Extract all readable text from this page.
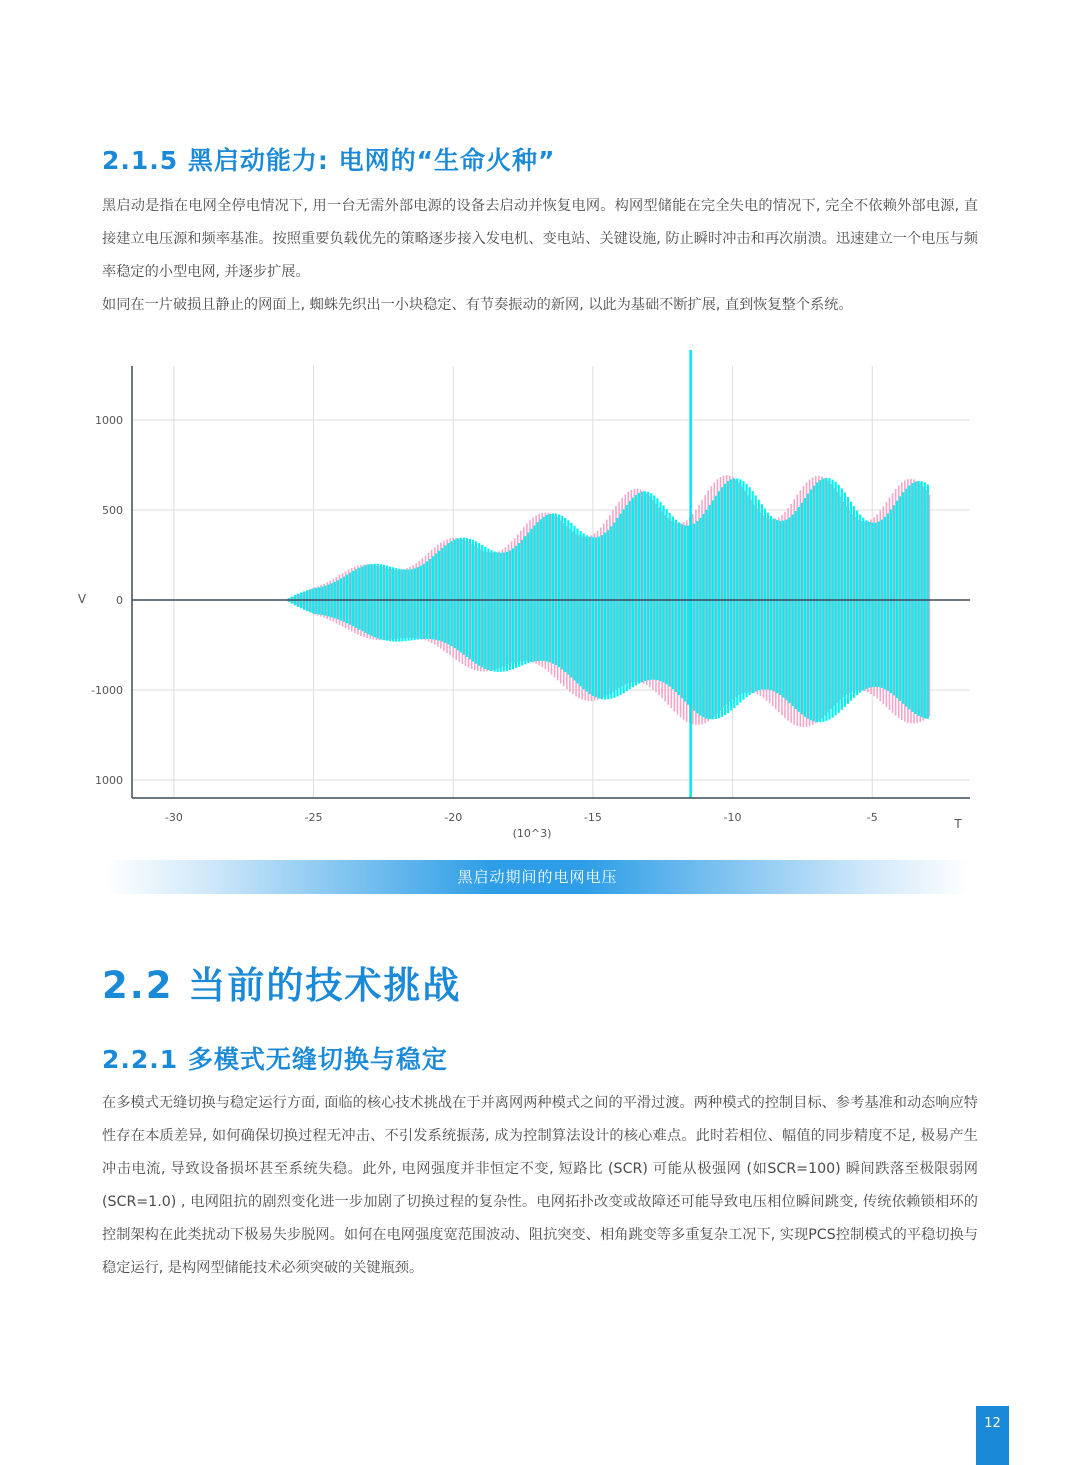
2.1.5 黑启动能力: 电网的“生命火种”

黑启动是指在电网全停电情况下, 用一台无需外部电源的设备去启动并恢复电网。构网型储能在完全失电的情况下, 完全不依赖外部电源, 直接建立电压源和频率基准。按照重要负载优先的策略逐步接入发电机、变电站、关键设施, 防止瞬时冲击和再次崩溃。迅速建立一个电压与频率稳定的小型电网, 并逐步扩展。

如同在一片破损且静止的网面上, 蜘蛛先织出一小块稳定、有节奏振动的新网, 以此为基础不断扩展, 直到恢复整个系统。

-30	-25	-20	-15	-10	-5
1000
500
0
-1000
1000
V
T
(10^3)
黑启动期间的电网电压
2.2 当前的技术挑战
2.2.1 多模式无缝切换与稳定

在多模式无缝切换与稳定运行方面, 面临的核心技术挑战在于并离网两种模式之间的平滑过渡。两种模式的控制目标、参考基准和动态响应特性存在本质差异, 如何确保切换过程无冲击、不引发系统振荡, 成为控制算法设计的核心难点。此时若相位、幅值的同步精度不足, 极易产生冲击电流, 导致设备损坏甚至系统失稳。此外, 电网强度并非恒定不变, 短路比 (SCR) 可能从极强网 (如SCR=100) 瞬间跌落至极限弱网 (SCR=1.0) , 电网阻抗的剧烈变化进一步加剧了切换过程的复杂性。电网拓扑改变或故障还可能导致电压相位瞬间跳变, 传统依赖锁相环的控制架构在此类扰动下极易失步脱网。如何在电网强度宽范围波动、阻抗突变、相角跳变等多重复杂工况下, 实现PCS控制模式的平稳切换与稳定运行, 是构网型储能技术必须突破的关键瓶颈。

12
